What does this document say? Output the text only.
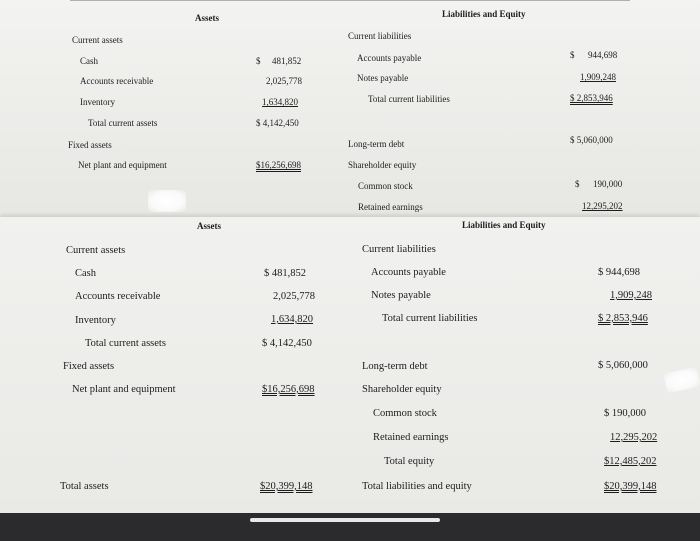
Assets	Liabilities and Equity
Current assets
Cash	$ 481,852
Accounts receivable	2,025,778
Inventory	1,634,820
Total current assets	$ 4,142,450
Fixed assets
Net plant and equipment	$16,256,698
Current liabilities
Accounts payable	$ 944,698
Notes payable	1,909,248
Total current liabilities	$ 2,853,946
Long-term debt	$ 5,060,000
Shareholder equity
Common stock	$ 190,000
Retained earnings	12,295,202
Assets	Liabilities and Equity
Current assets
Cash	$ 481,852
Accounts receivable	2,025,778
Inventory	1,634,820
Total current assets	$ 4,142,450
Fixed assets
Net plant and equipment	$16,256,698
Total assets	$20,399,148
Current liabilities
Accounts payable	$ 944,698
Notes payable	1,909,248
Total current liabilities	$ 2,853,946
Long-term debt	$ 5,060,000
Shareholder equity
Common stock	$ 190,000
Retained earnings	12,295,202
Total equity	$12,485,202
Total liabilities and equity	$20,399,148
